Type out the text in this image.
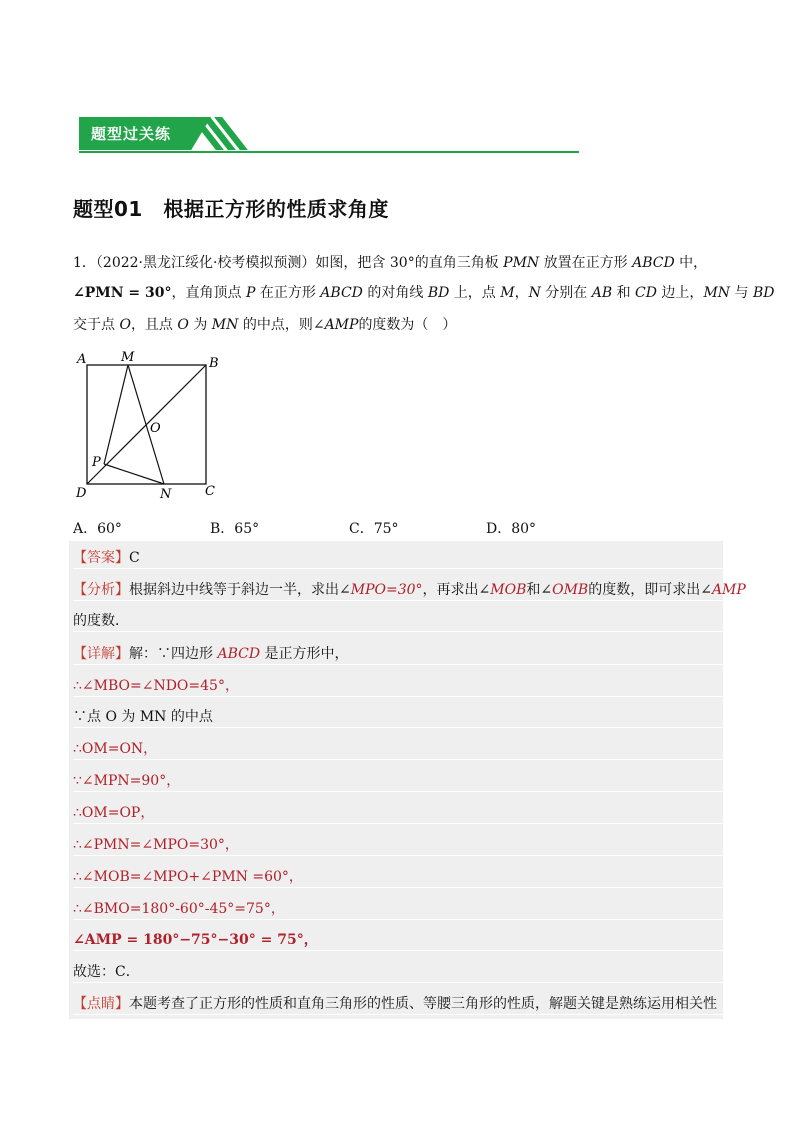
题型过关练
题型01　根据正方形的性质求角度
1．（2022·黑龙江绥化·校考模拟预测）如图，把含 30°的直角三角板 PMN 放置在正方形 ABCD 中，
∠PMN = 30°，直角顶点 P 在正方形 ABCD 的对角线 BD 上，点 M，N 分别在 AB 和 CD 边上，MN 与 BD
交于点 O，且点 O 为 MN 的中点，则∠AMP的度数为（　）
A	M	B
O
P
D	N	C
A．60°	B．65°	C．75°	D．80°
【答案】C
【分析】根据斜边中线等于斜边一半，求出∠MPO=30°，再求出∠MOB和∠OMB的度数，即可求出∠AMP
的度数．
【详解】解：∵四边形 ABCD 是正方形中，
∴∠MBO=∠NDO=45°，
∵点 O 为 MN 的中点
∴OM=ON，
∵∠MPN=90°，
∴OM=OP，
∴∠PMN=∠MPO=30°，
∴∠MOB=∠MPO+∠PMN =60°，
∴∠BMO=180°-60°-45°=75°，
∠AMP = 180°−75°−30° = 75°，
故选：C．
【点睛】本题考查了正方形的性质和直角三角形的性质、等腰三角形的性质，解题关键是熟练运用相关性
